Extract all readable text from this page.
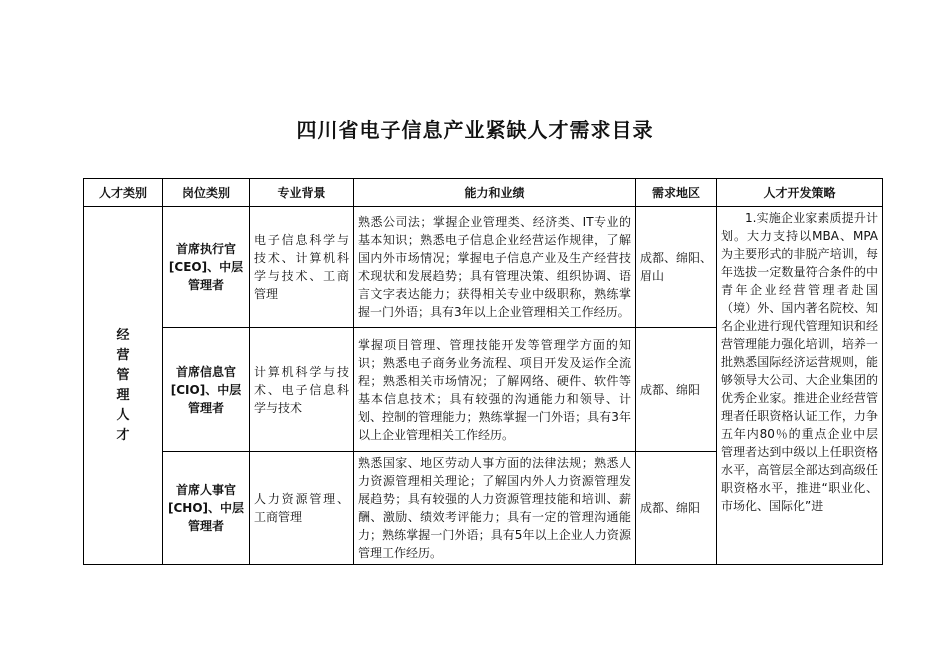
四川省电子信息产业紧缺人才需求目录
人才类别	岗位类别	专业背景	能力和业绩	需求地区	人才开发策略

经营管理人才	首席执行官[CEO]、中层管理者	电子信息科学与技术、计算机科学与技术、工商管理	熟悉公司法；掌握企业管理类、经济类、IT专业的基本知识；熟悉电子信息企业经营运作规律，了解国内外市场情况；掌握电子信息产业及生产经营技术现状和发展趋势；具有管理决策、组织协调、语言文字表达能力；获得相关专业中级职称，熟练掌握一门外语；具有3年以上企业管理相关工作经历。	成都、绵阳、眉山	1.实施企业家素质提升计划。大力支持以MBA、MPA为主要形式的非脱产培训，每年选拔一定数量符合条件的中青年企业经营管理者赴国（境）外、国内著名院校、知名企业进行现代管理知识和经营管理能力强化培训，培养一批熟悉国际经济运营规则，能够领导大公司、大企业集团的优秀企业家。推进企业经营管理者任职资格认证工作，力争五年内80％的重点企业中层管理者达到中级以上任职资格水平，高管层全部达到高级任职资格水平，推进“职业化、市场化、国际化”进
	首席信息官[CIO]、中层管理者	计算机科学与技术、电子信息科学与技术	掌握项目管理、管理技能开发等管理学方面的知识；熟悉电子商务业务流程、项目开发及运作全流程；熟悉相关市场情况；了解网络、硬件、软件等基本信息技术；具有较强的沟通能力和领导、计划、控制的管理能力；熟练掌握一门外语；具有3年以上企业管理相关工作经历。	成都、绵阳	
	首席人事官[CHO]、中层管理者	人力资源管理、工商管理	熟悉国家、地区劳动人事方面的法律法规；熟悉人力资源管理相关理论；了解国内外人力资源管理发展趋势；具有较强的人力资源管理技能和培训、薪酬、激励、绩效考评能力；具有一定的管理沟通能力；熟练掌握一门外语；具有5年以上企业人力资源管理工作经历。	成都、绵阳	
